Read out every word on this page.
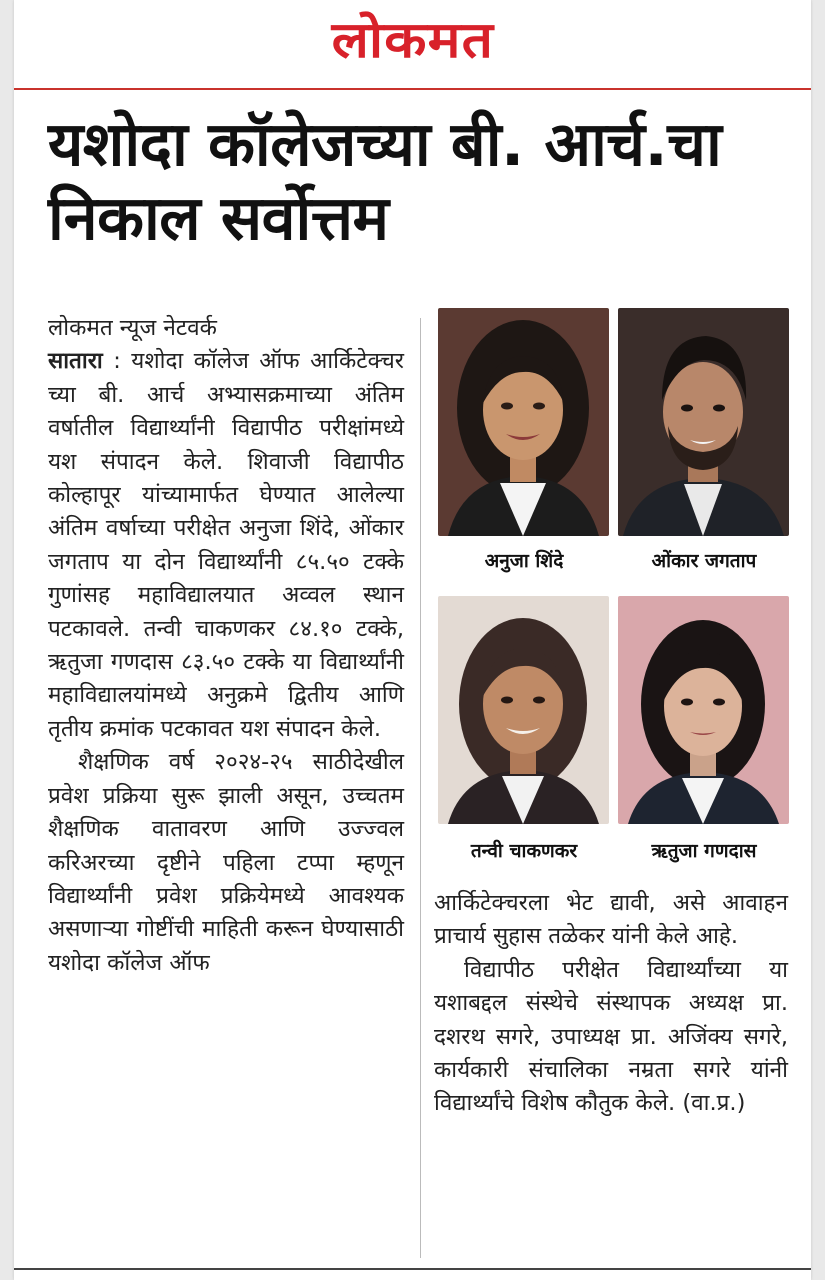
लोकमत
यशोदा कॉलेजच्या बी. आर्च.चा निकाल सर्वोत्तम
लोकमत न्यूज नेटवर्क

सातारा : यशोदा कॉलेज ऑफ आर्किटेक्चर च्या बी. आर्च अभ्यासक्रमाच्या अंतिम वर्षातील विद्यार्थ्यांनी विद्यापीठ परीक्षांमध्ये यश संपादन केले. शिवाजी विद्यापीठ कोल्हापूर यांच्यामार्फत घेण्यात आलेल्या अंतिम वर्षाच्या परीक्षेत अनुजा शिंदे, ओंकार जगताप या दोन विद्यार्थ्यांनी ८५.५० टक्के गुणांसह महाविद्यालयात अव्वल स्थान पटकावले. तन्वी चाकणकर ८४.१० टक्के, ऋतुजा गणदास ८३.५० टक्के या विद्यार्थ्यांनी महाविद्यालयांमध्ये अनुक्रमे द्वितीय आणि तृतीय क्रमांक पटकावत यश संपादन केले.

शैक्षणिक वर्ष २०२४-२५ साठीदेखील प्रवेश प्रक्रिया सुरू झाली असून, उच्चतम शैक्षणिक वातावरण आणि उज्ज्वल करिअरच्या दृष्टीने पहिला टप्पा म्हणून विद्यार्थ्यांनी प्रवेश प्रक्रियेमध्ये आवश्यक असणाऱ्या गोष्टींची माहिती करून घेण्यासाठी यशोदा कॉलेज ऑफ

अनुजा शिंदे	ओंकार जगताप
तन्वी चाकणकर	ऋतुजा गणदास

आर्किटेक्चरला भेट द्यावी, असे आवाहन प्राचार्य सुहास तळेकर यांनी केले आहे.

विद्यापीठ परीक्षेत विद्यार्थ्यांच्या या यशाबद्दल संस्थेचे संस्थापक अध्यक्ष प्रा. दशरथ सगरे, उपाध्यक्ष प्रा. अजिंक्य सगरे, कार्यकारी संचालिका नम्रता सगरे यांनी विद्यार्थ्यांचे विशेष कौतुक केले. (वा.प्र.)
